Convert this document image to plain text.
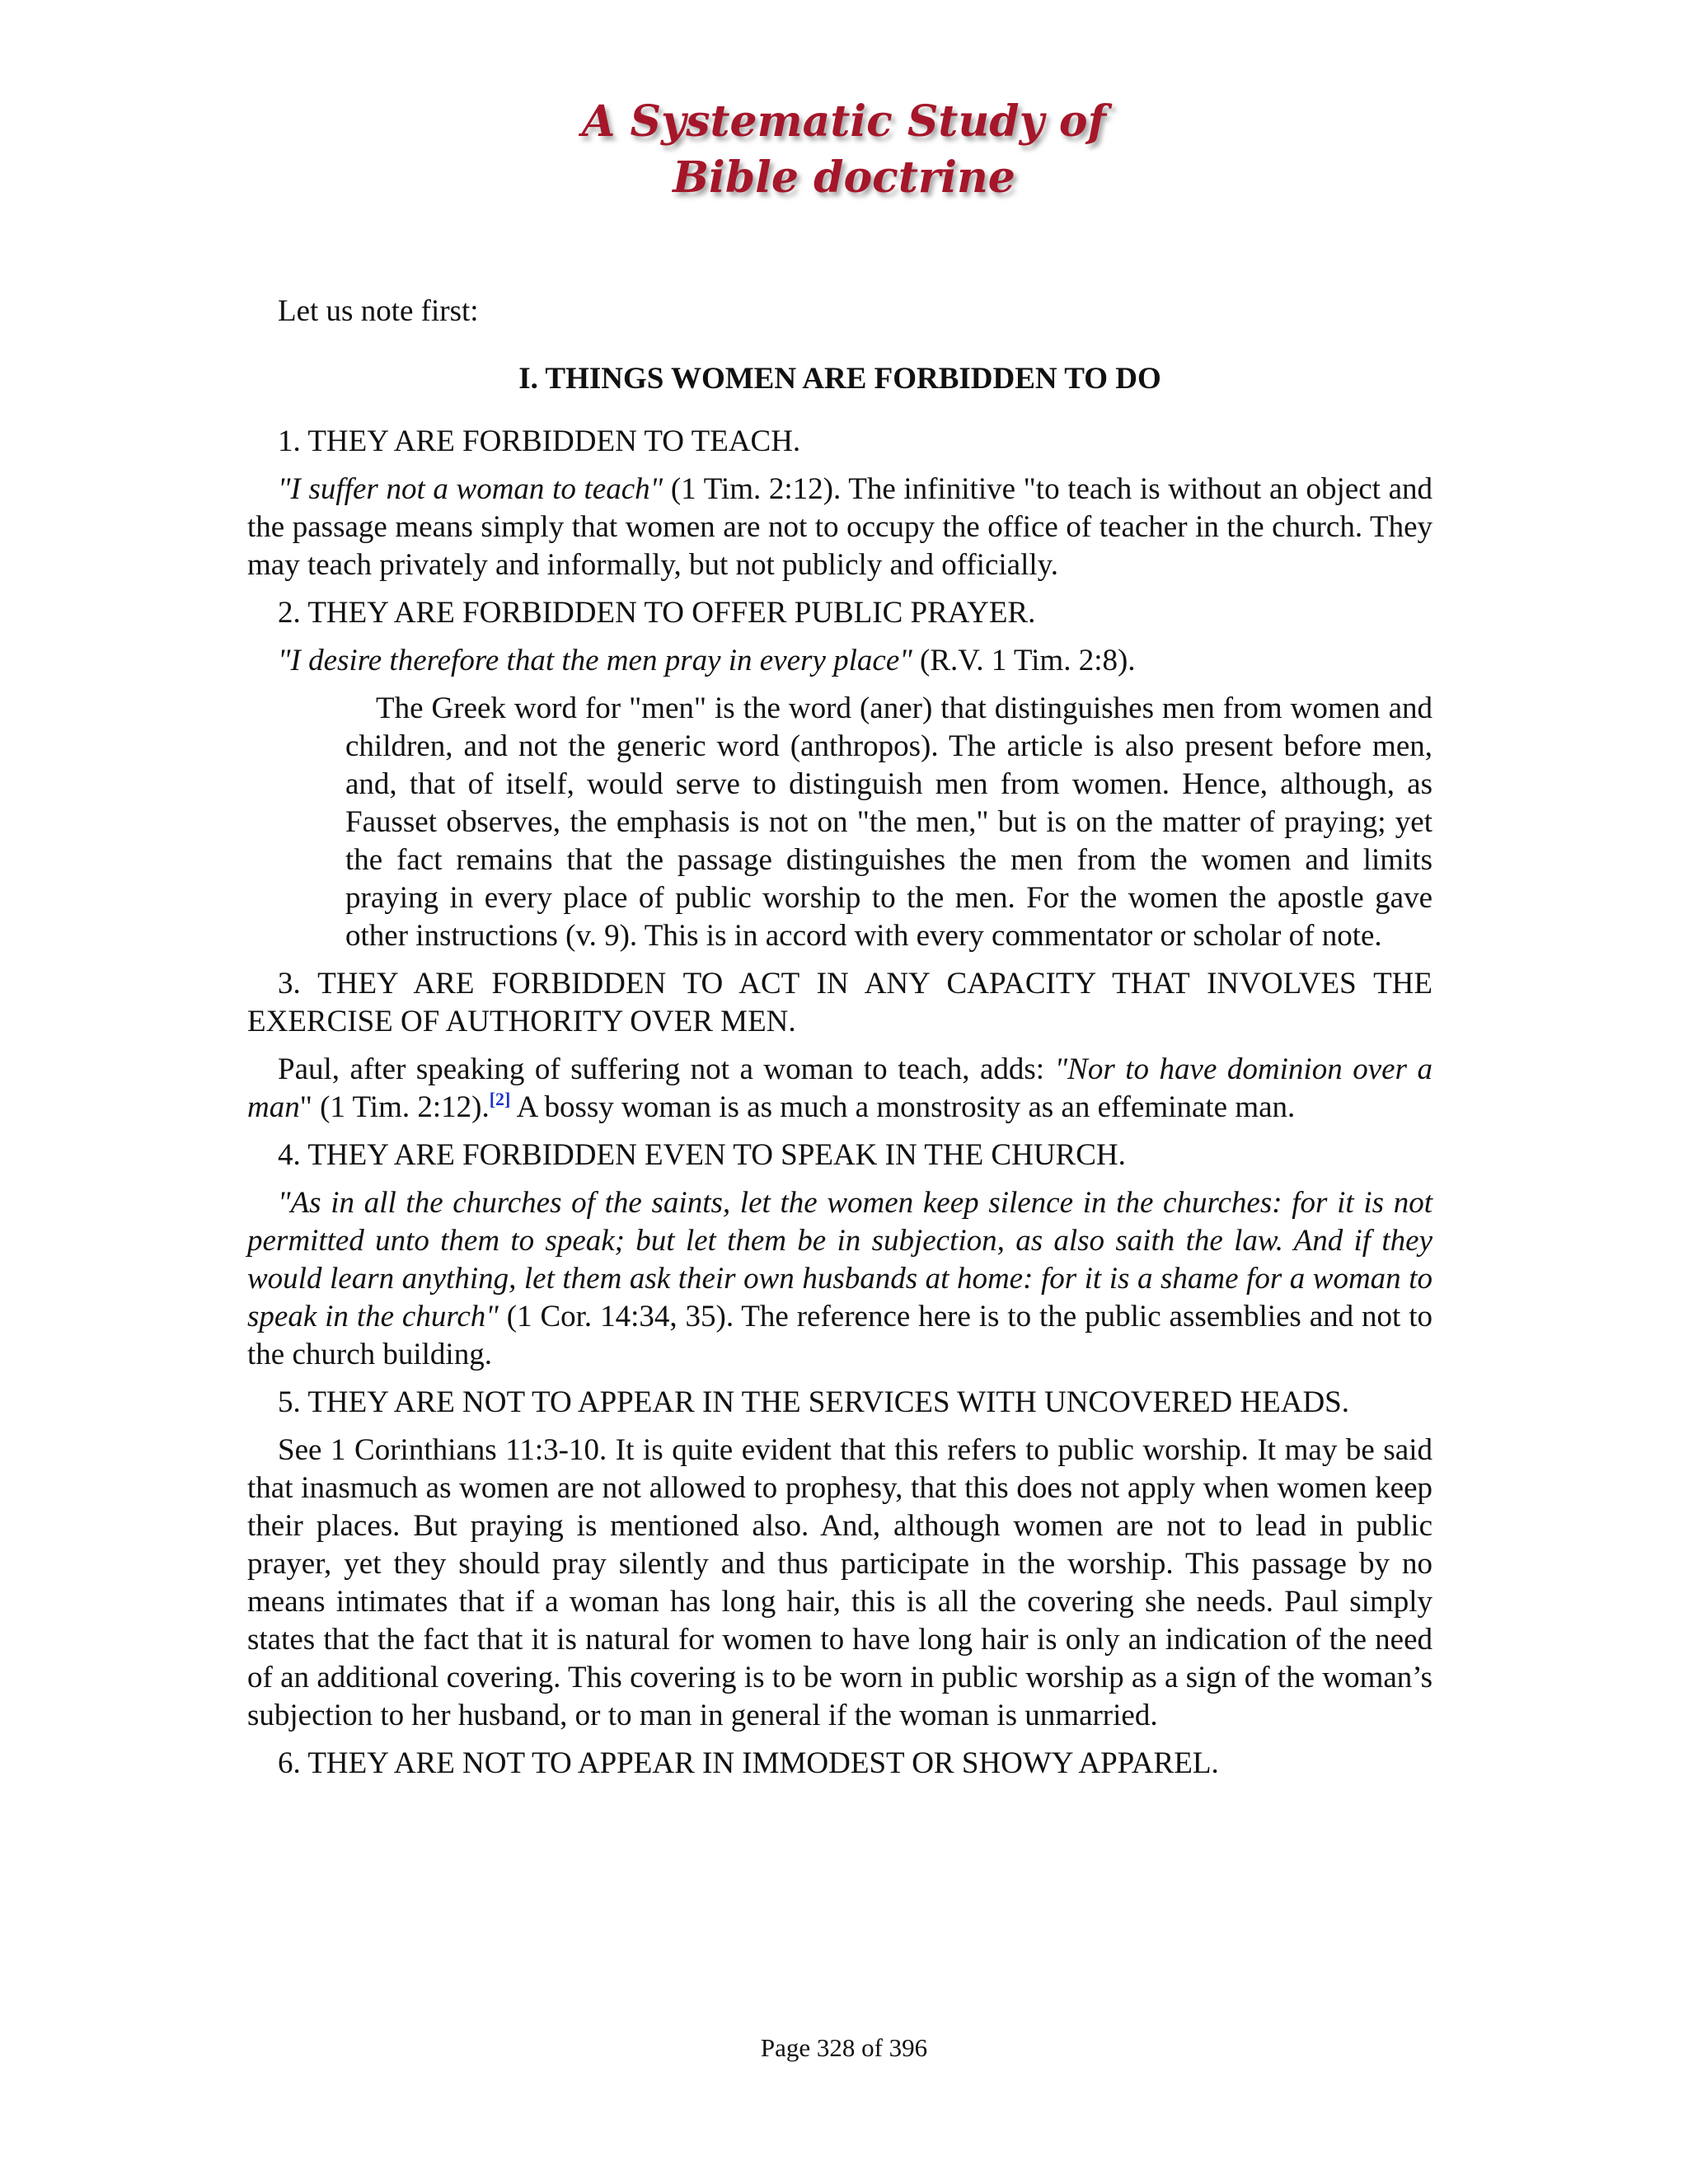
A Systematic Study of
Bible doctrine

Let us note first:

I. THINGS WOMEN ARE FORBIDDEN TO DO

1. THEY ARE FORBIDDEN TO TEACH.

"I suffer not a woman to teach" (1 Tim. 2:12). The infinitive "to teach is without an object and the passage means simply that women are not to occupy the office of teacher in the church. They may teach privately and informally, but not publicly and officially.

2. THEY ARE FORBIDDEN TO OFFER PUBLIC PRAYER.

"I desire therefore that the men pray in every place" (R.V. 1 Tim. 2:8).

The Greek word for "men" is the word (aner) that distinguishes men from women and children, and not the generic word (anthropos). The article is also present before men, and, that of itself, would serve to distinguish men from women. Hence, although, as Fausset observes, the emphasis is not on "the men," but is on the matter of praying; yet the fact remains that the passage distinguishes the men from the women and limits praying in every place of public worship to the men. For the women the apostle gave other instructions (v. 9). This is in accord with every commentator or scholar of note.

3. THEY ARE FORBIDDEN TO ACT IN ANY CAPACITY THAT INVOLVES THE EXERCISE OF AUTHORITY OVER MEN.

Paul, after speaking of suffering not a woman to teach, adds: "Nor to have dominion over a man" (1 Tim. 2:12).[2] A bossy woman is as much a monstrosity as an effeminate man.

4. THEY ARE FORBIDDEN EVEN TO SPEAK IN THE CHURCH.

"As in all the churches of the saints, let the women keep silence in the churches: for it is not permitted unto them to speak; but let them be in subjection, as also saith the law. And if they would learn anything, let them ask their own husbands at home: for it is a shame for a woman to speak in the church" (1 Cor. 14:34, 35). The reference here is to the public assemblies and not to the church building.

5. THEY ARE NOT TO APPEAR IN THE SERVICES WITH UNCOVERED HEADS.

See 1 Corinthians 11:3-10. It is quite evident that this refers to public worship. It may be said that inasmuch as women are not allowed to prophesy, that this does not apply when women keep their places. But praying is mentioned also. And, although women are not to lead in public prayer, yet they should pray silently and thus participate in the worship. This passage by no means intimates that if a woman has long hair, this is all the covering she needs. Paul simply states that the fact that it is natural for women to have long hair is only an indication of the need of an additional covering. This covering is to be worn in public worship as a sign of the woman’s subjection to her husband, or to man in general if the woman is unmarried.

6. THEY ARE NOT TO APPEAR IN IMMODEST OR SHOWY APPAREL.

Page 328 of 396
